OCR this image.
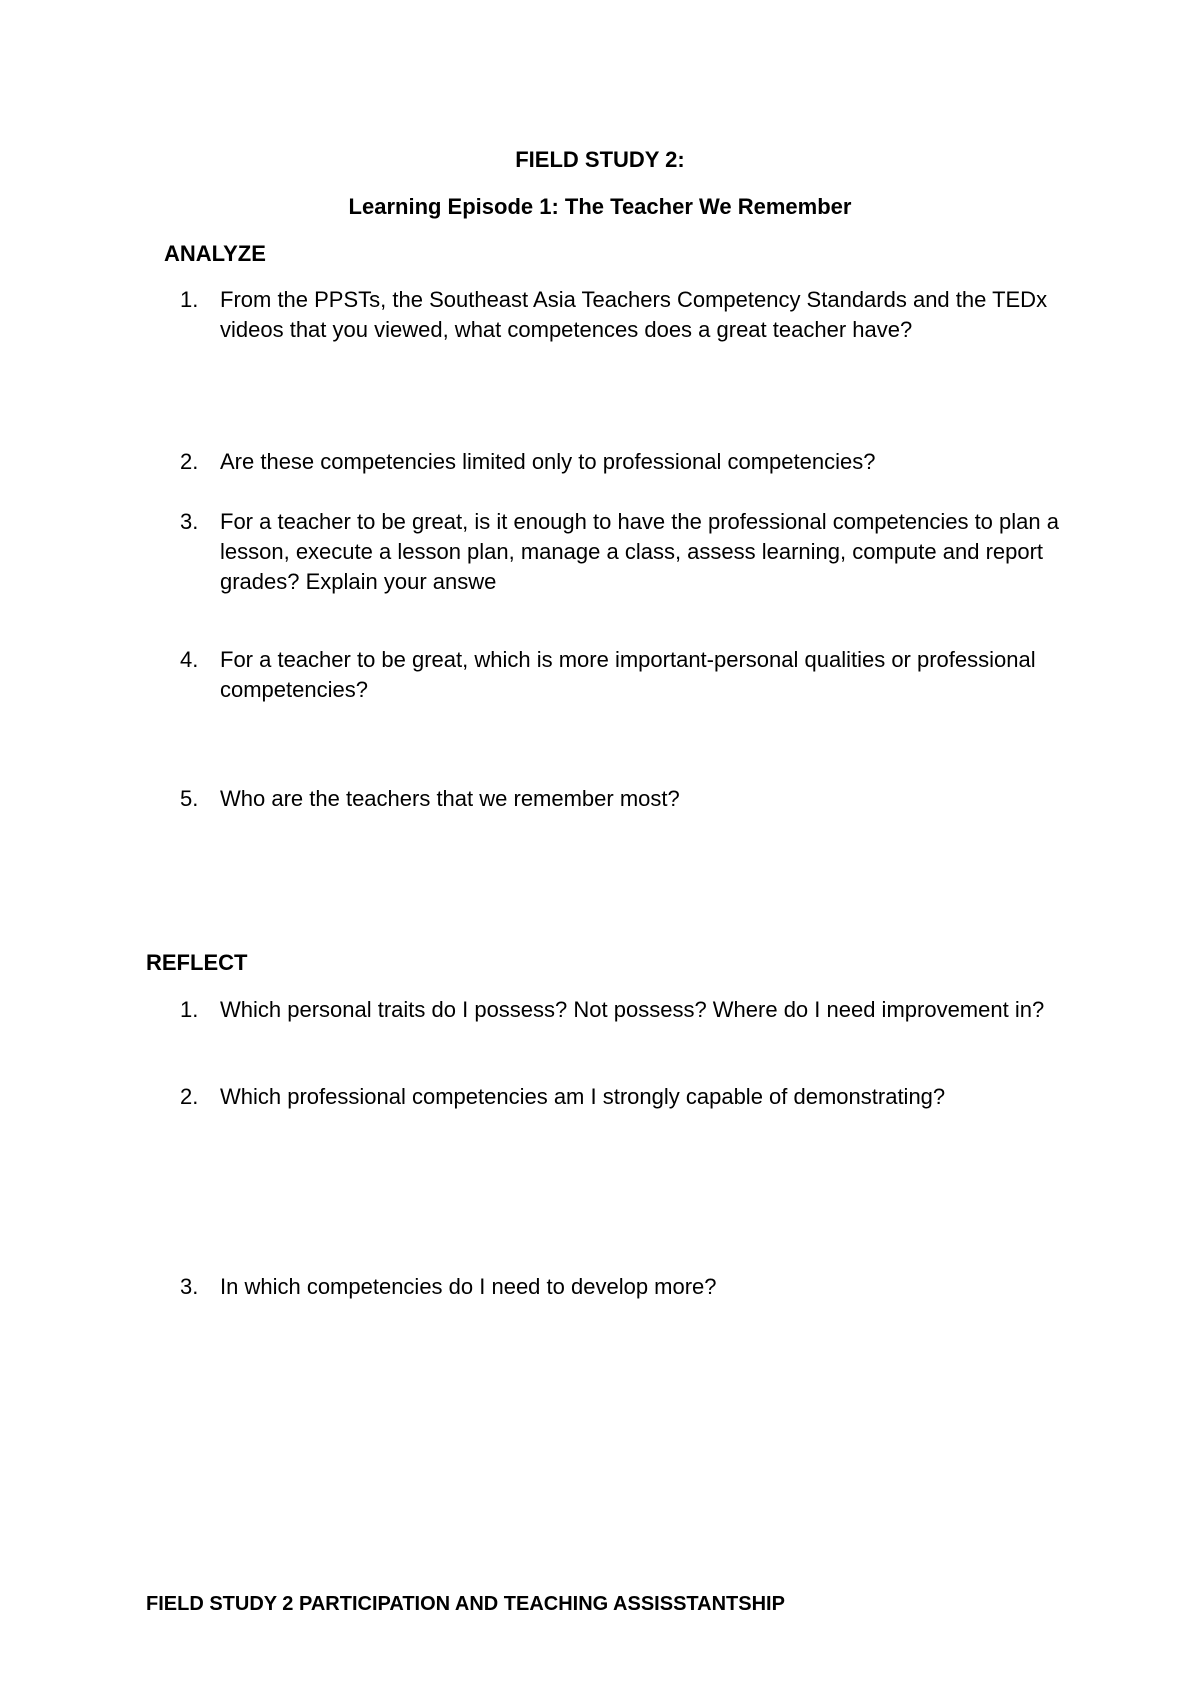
FIELD STUDY 2:
Learning Episode 1: The Teacher We Remember
ANALYZE
1. From the PPSTs, the Southeast Asia Teachers Competency Standards and the TEDx videos that you viewed, what competences does a great teacher have?
2. Are these competencies limited only to professional competencies?
3. For a teacher to be great, is it enough to have the professional competencies to plan a lesson, execute a lesson plan, manage a class, assess learning, compute and report grades? Explain your answe
4. For a teacher to be great, which is more important-personal qualities or professional competencies?
5. Who are the teachers that we remember most?
REFLECT
1. Which personal traits do I possess? Not possess? Where do I need improvement in?
2. Which professional competencies am I strongly capable of demonstrating?
3. In which competencies do I need to develop more?
FIELD STUDY 2 PARTICIPATION AND TEACHING ASSISSTANTSHIP
